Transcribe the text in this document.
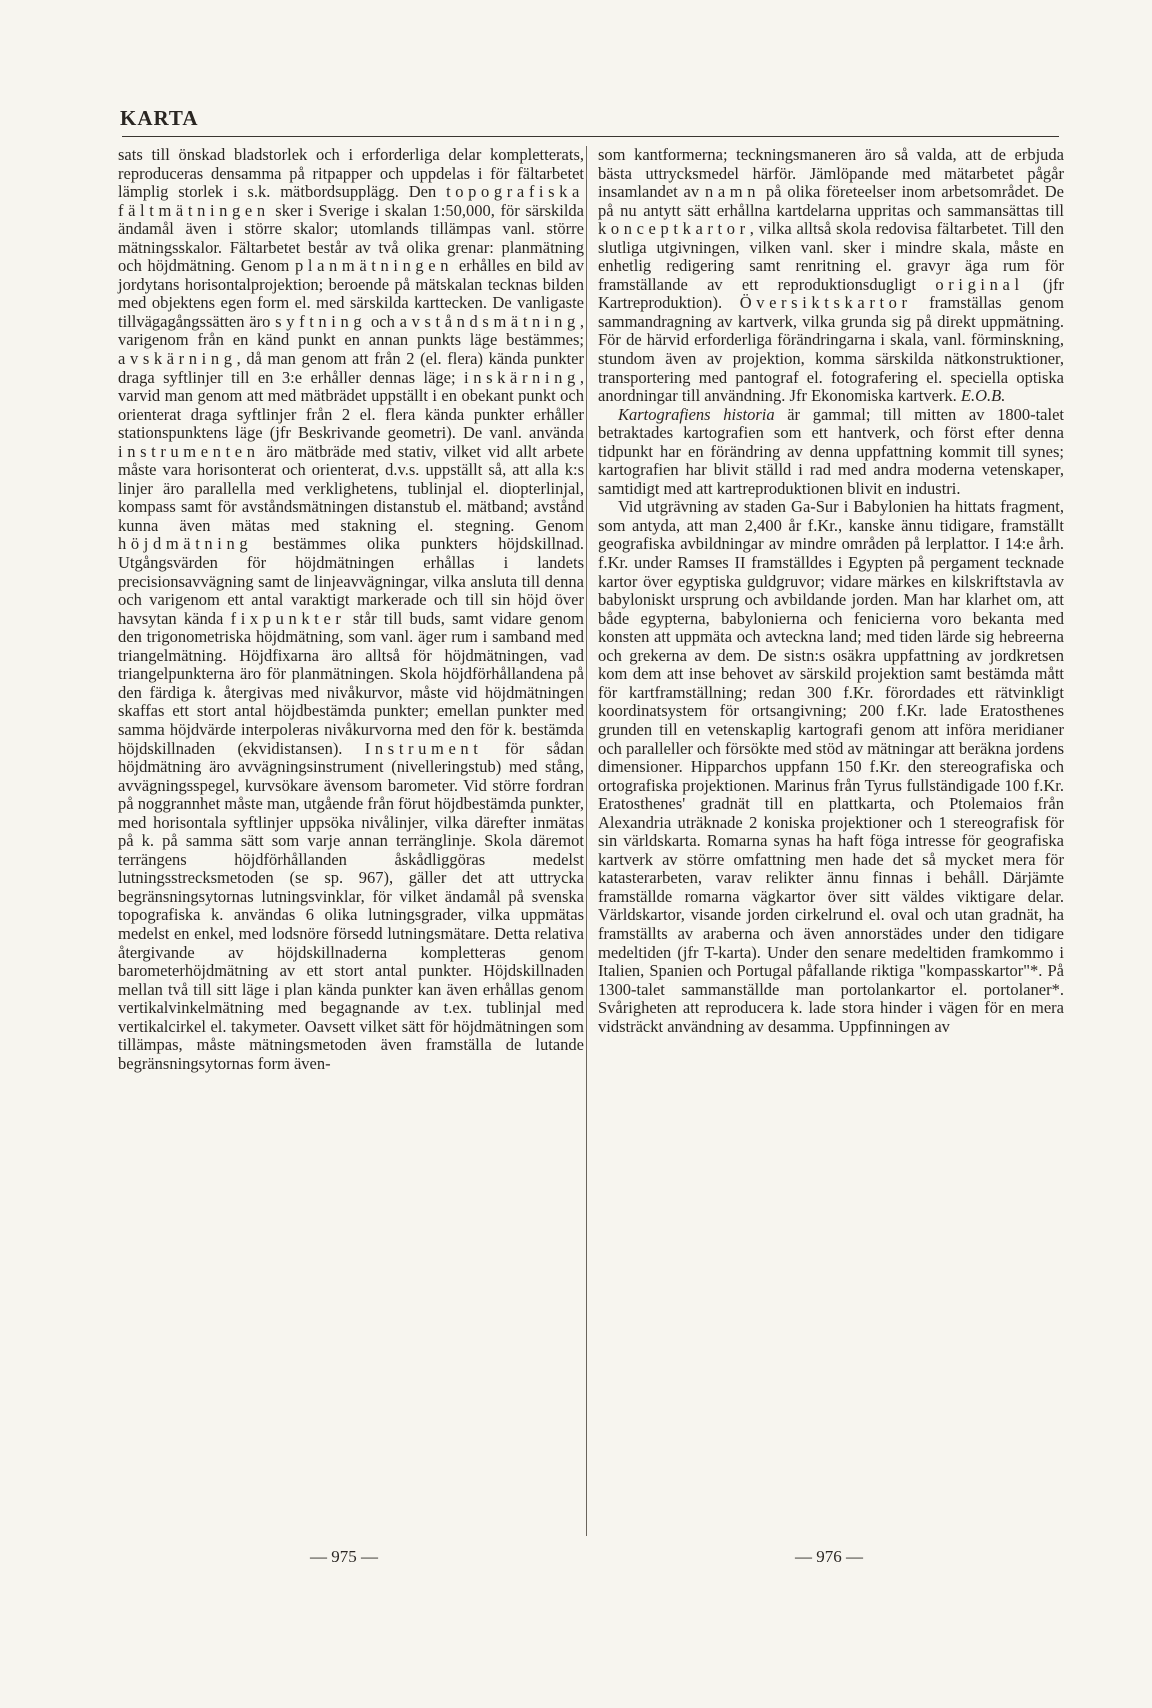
KARTA

sats till önskad bladstorlek och i erforderliga delar kompletterats, reproduceras densamma på ritpapper och uppdelas i för fältarbetet lämplig storlek i s.k. mätbordsupplägg. Den topografiska fältmätningen sker i Sverige i skalan 1:50,000, för särskilda ändamål även i större skalor; utomlands tillämpas vanl. större mätningsskalor. Fältarbetet består av två olika grenar: planmätning och höjdmätning. Genom planmätningen erhålles en bild av jordytans horisontalprojektion; beroende på mätskalan tecknas bilden med objektens egen form el. med särskilda karttecken. De vanligaste tillvägagångssätten äro syftning och avståndsmätning, varigenom från en känd punkt en annan punkts läge bestämmes; avskärning, då man genom att från 2 (el. flera) kända punkter draga syftlinjer till en 3:e erhåller dennas läge; inskärning, varvid man genom att med mätbrädet uppställt i en obekant punkt och orienterat draga syftlinjer från 2 el. flera kända punkter erhåller stationspunktens läge (jfr Beskrivande geometri). De vanl. använda instrumenten äro mätbräde med stativ, vilket vid allt arbete måste vara horisonterat och orienterat, d.v.s. uppställt så, att alla k:s linjer äro parallella med verklighetens, tublinjal el. diopterlinjal, kompass samt för avståndsmätningen distanstub el. mätband; avstånd kunna även mätas med stakning el. stegning. Genom höjdmätning bestämmes olika punkters höjdskillnad. Utgångsvärden för höjdmätningen erhållas i landets precisionsavvägning samt de linjeavvägningar, vilka ansluta till denna och varigenom ett antal varaktigt markerade och till sin höjd över havsytan kända fixpunkter står till buds, samt vidare genom den trigonometriska höjdmätning, som vanl. äger rum i samband med triangelmätning. Höjdfixarna äro alltså för höjdmätningen, vad triangelpunkterna äro för planmätningen. Skola höjdförhållandena på den färdiga k. återgivas med nivåkurvor, måste vid höjdmätningen skaffas ett stort antal höjdbestämda punkter; emellan punkter med samma höjdvärde interpoleras nivåkurvorna med den för k. bestämda höjdskillnaden (ekvidistansen). Instrument för sådan höjdmätning äro avvägningsinstrument (nivelleringstub) med stång, avvägningsspegel, kurvsökare ävensom barometer. Vid större fordran på noggrannhet måste man, utgående från förut höjdbestämda punkter, med horisontala syftlinjer uppsöka nivålinjer, vilka därefter inmätas på k. på samma sätt som varje annan terränglinje. Skola däremot terrängens höjdförhållanden åskådliggöras medelst lutningsstrecksmetoden (se sp. 967), gäller det att uttrycka begränsningsytornas lutningsvinklar, för vilket ändamål på svenska topografiska k. användas 6 olika lutningsgrader, vilka uppmätas medelst en enkel, med lodsnöre försedd lutningsmätare. Detta relativa återgivande av höjdskillnaderna kompletteras genom barometerhöjdmätning av ett stort antal punkter. Höjdskillnaden mellan två till sitt läge i plan kända punkter kan även erhållas genom vertikalvinkelmätning med begagnande av t.ex. tublinjal med vertikalcirkel el. takymeter. Oavsett vilket sätt för höjdmätningen som tillämpas, måste mätningsmetoden även framställa de lutande begränsningsytornas form även-

som kantformerna; teckningsmaneren äro så valda, att de erbjuda bästa uttrycksmedel härför. Jämlöpande med mätarbetet pågår insamlandet av namn på olika företeelser inom arbetsområdet. De på nu antytt sätt erhållna kartdelarna uppritas och sammansättas till konceptkartor, vilka alltså skola redovisa fältarbetet. Till den slutliga utgivningen, vilken vanl. sker i mindre skala, måste en enhetlig redigering samt renritning el. gravyr äga rum för framställande av ett reproduktionsdugligt original (jfr Kartreproduktion). Översiktskartor framställas genom sammandragning av kartverk, vilka grunda sig på direkt uppmätning. För de härvid erforderliga förändringarna i skala, vanl. förminskning, stundom även av projektion, komma särskilda nätkonstruktioner, transportering med pantograf el. fotografering el. speciella optiska anordningar till användning. Jfr Ekonomiska kartverk. E.O.B.

Kartografiens historia är gammal; till mitten av 1800-talet betraktades kartografien som ett hantverk, och först efter denna tidpunkt har en förändring av denna uppfattning kommit till synes; kartografien har blivit ställd i rad med andra moderna vetenskaper, samtidigt med att kartreproduktionen blivit en industri.

Vid utgrävning av staden Ga-Sur i Babylonien ha hittats fragment, som antyda, att man 2,400 år f.Kr., kanske ännu tidigare, framställt geografiska avbildningar av mindre områden på lerplattor. I 14:e årh. f.Kr. under Ramses II framställdes i Egypten på pergament tecknade kartor över egyptiska guldgruvor; vidare märkes en kilskriftstavla av babyloniskt ursprung och avbildande jorden. Man har klarhet om, att både egypterna, babylonierna och fenicierna voro bekanta med konsten att uppmäta och avteckna land; med tiden lärde sig hebreerna och grekerna av dem. De sistn:s osäkra uppfattning av jordkretsen kom dem att inse behovet av särskild projektion samt bestämda mått för kartframställning; redan 300 f.Kr. förordades ett rätvinkligt koordinatsystem för ortsangivning; 200 f.Kr. lade Eratosthenes grunden till en vetenskaplig kartografi genom att införa meridianer och paralleller och försökte med stöd av mätningar att beräkna jordens dimensioner. Hipparchos uppfann 150 f.Kr. den stereografiska och ortografiska projektionen. Marinus från Tyrus fullständigade 100 f.Kr. Eratosthenes' gradnät till en plattkarta, och Ptolemaios från Alexandria uträknade 2 koniska projektioner och 1 stereografisk för sin världskarta. Romarna synas ha haft föga intresse för geografiska kartverk av större omfattning men hade det så mycket mera för katasterarbeten, varav relikter ännu finnas i behåll. Därjämte framställde romarna vägkartor över sitt väldes viktigare delar. Världskartor, visande jorden cirkelrund el. oval och utan gradnät, ha framställts av araberna och även annorstädes under den tidigare medeltiden (jfr T-karta). Under den senare medeltiden framkommo i Italien, Spanien och Portugal påfallande riktiga "kompasskartor"*. På 1300-talet sammanställde man portolankartor el. portolaner*. Svårigheten att reproducera k. lade stora hinder i vägen för en mera vidsträckt användning av desamma. Uppfinningen av

— 975 —	— 976 —
